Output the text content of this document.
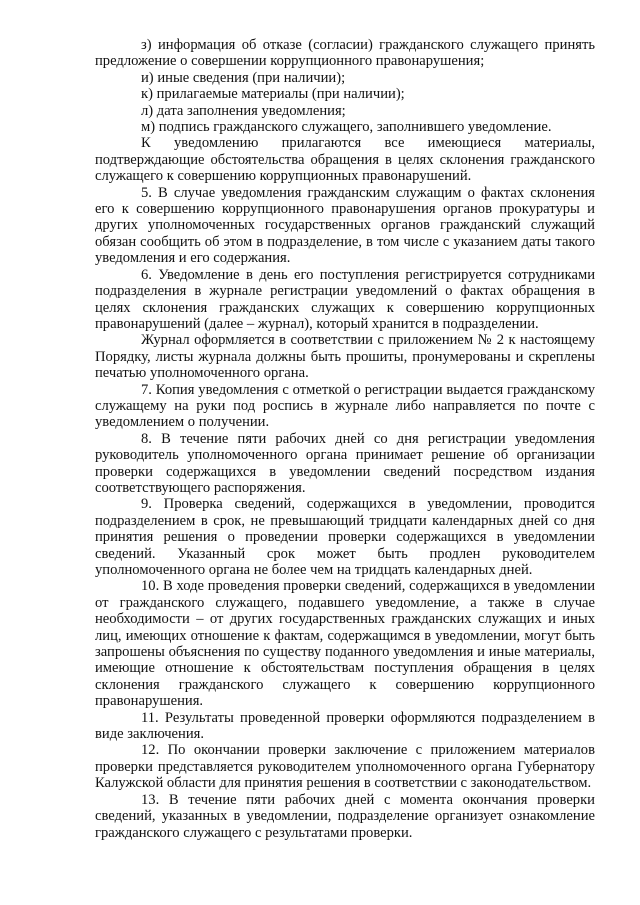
з) информация об отказе (согласии) гражданского служащего принять предложение о совершении коррупционного правонарушения;

и) иные сведения (при наличии);

к) прилагаемые материалы (при наличии);

л) дата заполнения уведомления;

м) подпись гражданского служащего, заполнившего уведомление.

К уведомлению прилагаются все имеющиеся материалы, подтверждающие обстоятельства обращения в целях склонения гражданского служащего к совершению коррупционных правонарушений.

5. В случае уведомления гражданским служащим о фактах склонения его к совершению коррупционного правонарушения органов прокуратуры и других уполномоченных государственных органов гражданский служащий обязан сообщить об этом в подразделение, в том числе с указанием даты такого уведомления и его содержания.

6. Уведомление в день его поступления регистрируется сотрудниками подразделения в журнале регистрации уведомлений о фактах обращения в целях склонения гражданских служащих к совершению коррупционных правонарушений (далее – журнал), который хранится в подразделении.

Журнал оформляется в соответствии с приложением № 2 к настоящему Порядку, листы журнала должны быть прошиты, пронумерованы и скреплены печатью уполномоченного органа.

7. Копия уведомления с отметкой о регистрации выдается гражданскому служащему на руки под роспись в журнале либо направляется по почте с уведомлением о получении.

8. В течение пяти рабочих дней со дня регистрации уведомления руководитель уполномоченного органа принимает решение об организации проверки содержащихся в уведомлении сведений посредством издания соответствующего распоряжения.

9. Проверка сведений, содержащихся в уведомлении, проводится подразделением в срок, не превышающий тридцати календарных дней со дня принятия решения о проведении проверки содержащихся в уведомлении сведений. Указанный срок может быть продлен руководителем уполномоченного органа не более чем на тридцать календарных дней.

10. В ходе проведения проверки сведений, содержащихся в уведомлении от гражданского служащего, подавшего уведомление, а также в случае необходимости – от других государственных гражданских служащих и иных лиц, имеющих отношение к фактам, содержащимся в уведомлении, могут быть запрошены объяснения по существу поданного уведомления и иные материалы, имеющие отношение к обстоятельствам поступления обращения в целях склонения гражданского служащего к совершению коррупционного правонарушения.

11. Результаты проведенной проверки оформляются подразделением в виде заключения.

12. По окончании проверки заключение с приложением материалов проверки представляется руководителем уполномоченного органа Губернатору Калужской области для принятия решения в соответствии с законодательством.

13. В течение пяти рабочих дней с момента окончания проверки сведений, указанных в уведомлении, подразделение организует ознакомление гражданского служащего с результатами проверки.
